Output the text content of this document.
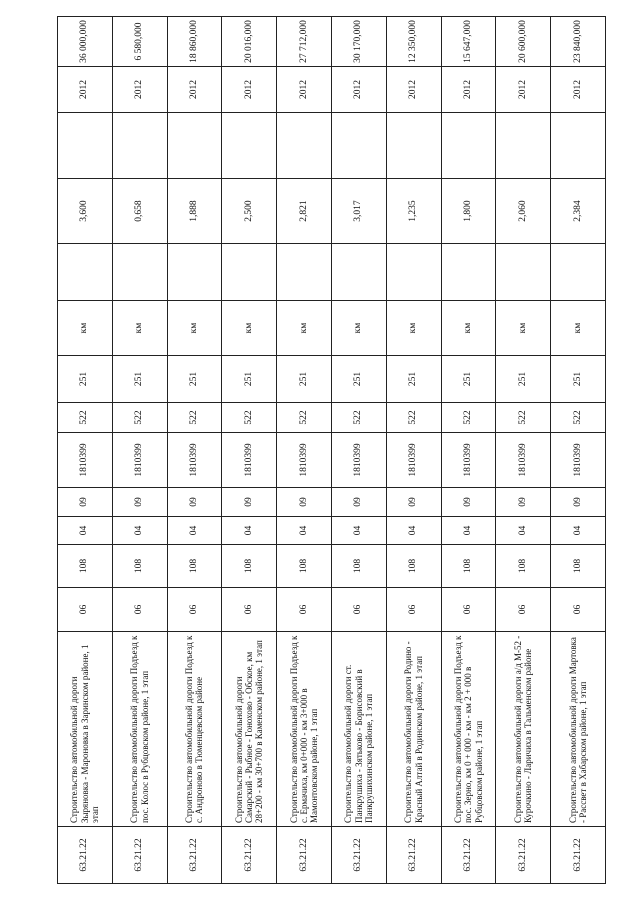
63.21.22	Строительство автомобильной дороги Зыряновка - Мароновка в Заринском районе, 1 этап	06	108	04	09	1810399	522	251	км		3,600		2012	36 000,000
63.21.22	Строительство автомобильной дороги Подъезд к пос. Колос в Рубцовском районе, 1 этап	06	108	04	09	1810399	522	251	км		0,658		2012	6 580,000
63.21.22	Строительство автомобильной дороги Подъезд к с. Андроново в Тюменцевском районе	06	108	04	09	1810399	522	251	км		1,888		2012	18 860,000
63.21.22	Строительство автомобильной дороги Самарский - Рыбное - Гоноховo - Обское, км 28+200 - км 30+700 в Каменском районе, 1 этап	06	108	04	09	1810399	522	251	км		2,500		2012	20 016,000
63.21.22	Строительство автомобильной дороги Подъезд к с. Ермачиха, км 0+000 - км 3+000 в Мамонтовском районе, 1 этап	06	108	04	09	1810399	522	251	км		2,821		2012	27 712,000
63.21.22	Строительство автомобильной дороги ст. Панкрушиха - Зятьково - Борисовский в Панкрушихинском районе, 1 этап	06	108	04	09	1810399	522	251	км		3,017		2012	30 170,000
63.21.22	Строительство автомобильной дороги Родино - Красный Алтай в Родинском районе, 1 этап	06	108	04	09	1810399	522	251	км		1,235		2012	12 350,000
63.21.22	Строительство автомобильной дороги Подъезд к пос. Зерно, км 0 + 000 - км - км 2 + 000 в Рубцовском районе, 1 этап	06	108	04	09	1810399	522	251	км		1,800		2012	15 647,000
63.21.22	Строительство автомобильной дороги а/д М-52 - Курочкино - Ларичиха в Тальменском районе	06	108	04	09	1810399	522	251	км		2,060		2012	20 600,000
63.21.22	Строительство автомобильной дороги Мартовка - Рассвет в Хабарском районе, 1 этап	06	108	04	09	1810399	522	251	км		2,384		2012	23 840,000
